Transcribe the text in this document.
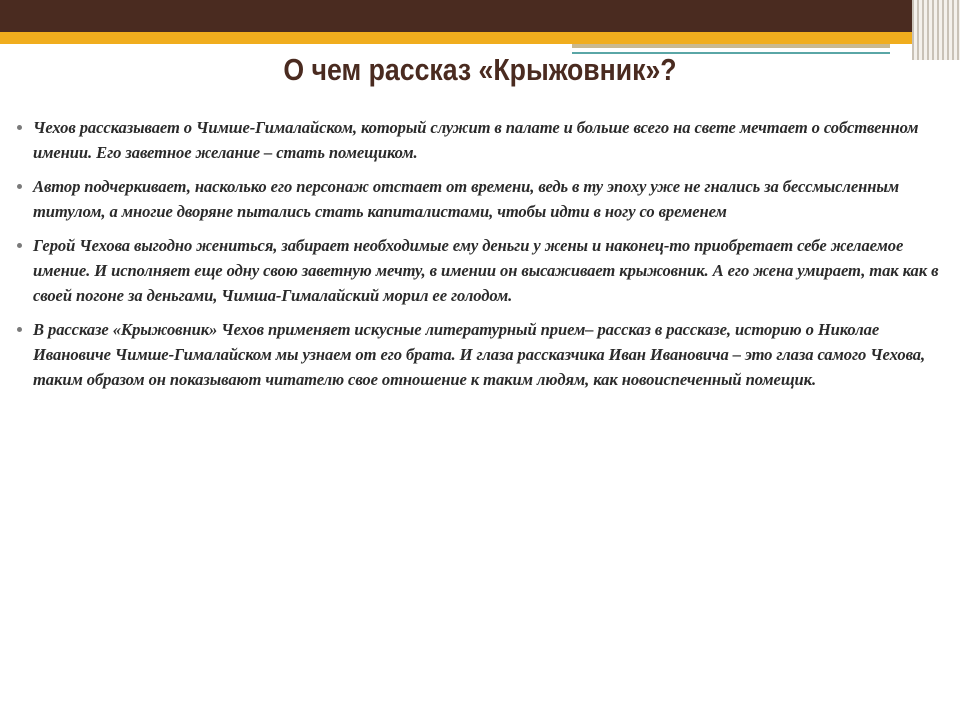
О чем рассказ «Крыжовник»?
Чехов рассказывает о Чимше-Гималайском, который служит в палате и больше всего на свете мечтает о собственном имении. Его заветное желание – стать помещиком.
Автор подчеркивает, насколько его персонаж отстает от времени, ведь в ту эпоху уже не гнались за бессмысленным титулом, а многие дворяне пытались стать капиталистами, чтобы идти в ногу со временем
Герой Чехова выгодно жениться, забирает необходимые ему деньги у жены и наконец-то приобретает себе желаемое имение. И исполняет еще одну свою заветную мечту, в имении он высаживает крыжовник. А его жена умирает, так как в своей погоне за деньгами, Чимша-Гималайский морил ее голодом.
В рассказе «Крыжовник» Чехов применяет искусные литературный прием– рассказ в рассказе, историю о Николае Ивановиче Чимше-Гималайском мы узнаем от его брата. И глаза рассказчика Иван Ивановича – это глаза самого Чехова, таким образом он показывают читателю свое отношение к таким людям, как новоиспеченный помещик.
